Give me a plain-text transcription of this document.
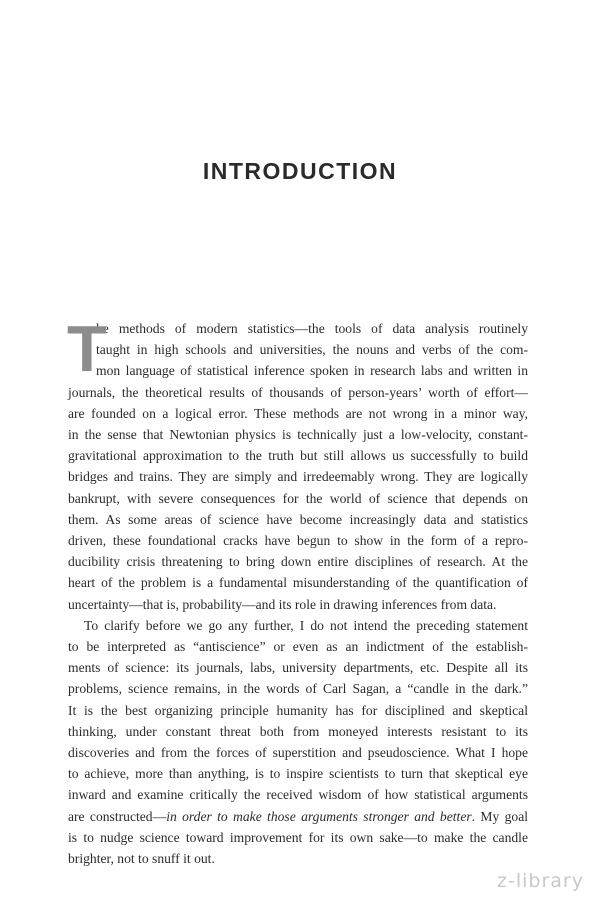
INTRODUCTION
T
he methods of modern statistics—the tools of data analysis routinely
taught in high schools and universities, the nouns and verbs of the com-
mon language of statistical inference spoken in research labs and written in
journals, the theoretical results of thousands of person-years’ worth of effort—
are founded on a logical error. These methods are not wrong in a minor way,
in the sense that Newtonian physics is technically just a low-velocity, constant-
gravitational approximation to the truth but still allows us successfully to build
bridges and trains. They are simply and irredeemably wrong. They are logically
bankrupt, with severe consequences for the world of science that depends on
them. As some areas of science have become increasingly data and statistics
driven, these foundational cracks have begun to show in the form of a repro-
ducibility crisis threatening to bring down entire disciplines of research. At the
heart of the problem is a fundamental misunderstanding of the quantification of
uncertainty—that is, probability—and its role in drawing inferences from data.
To clarify before we go any further, I do not intend the preceding statement
to be interpreted as “antiscience” or even as an indictment of the establish-
ments of science: its journals, labs, university departments, etc. Despite all its
problems, science remains, in the words of Carl Sagan, a “candle in the dark.”
It is the best organizing principle humanity has for disciplined and skeptical
thinking, under constant threat both from moneyed interests resistant to its
discoveries and from the forces of superstition and pseudoscience. What I hope
to achieve, more than anything, is to inspire scientists to turn that skeptical eye
inward and examine critically the received wisdom of how statistical arguments
are constructed—in order to make those arguments stronger and better. My goal
is to nudge science toward improvement for its own sake—to make the candle
brighter, not to snuff it out.
z-library
